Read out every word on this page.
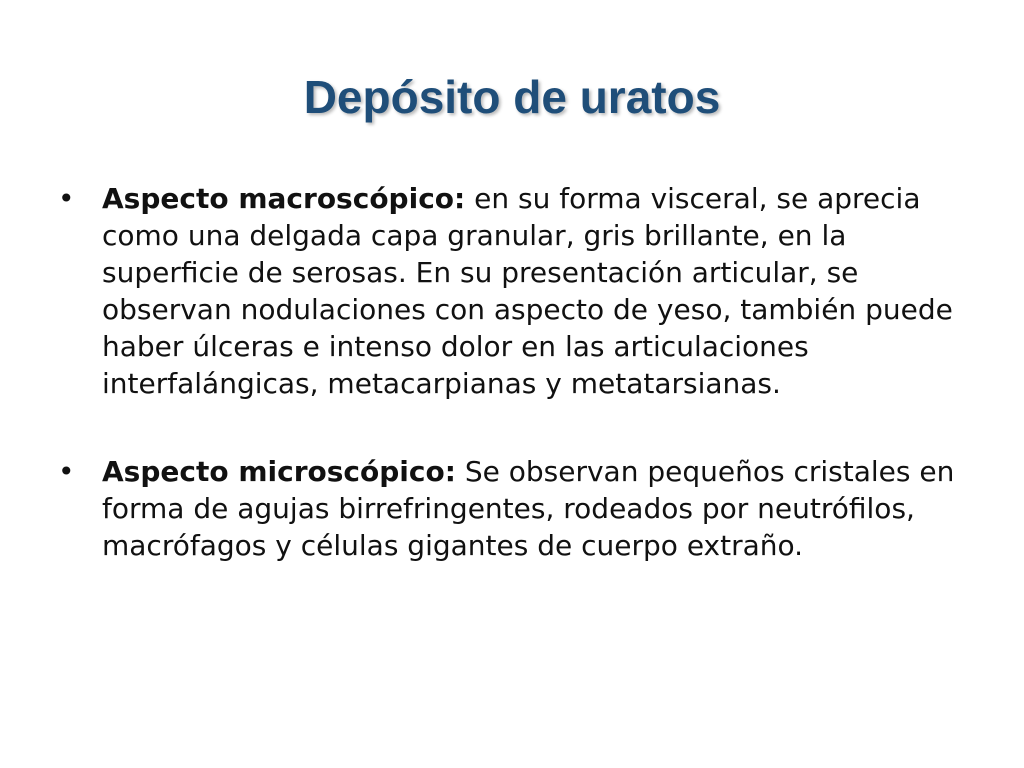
Depósito de uratos
• Aspecto macroscópico: en su forma visceral, se aprecia como una delgada capa granular, gris brillante, en la superficie de serosas. En su presentación articular, se observan nodulaciones con aspecto de yeso, también puede haber úlceras e intenso dolor en las articulaciones interfalángicas, metacarpianas y metatarsianas.
• Aspecto microscópico: Se observan pequeños cristales en forma de agujas birrefringentes, rodeados por neutrófilos, macrófagos y células gigantes de cuerpo extraño.
